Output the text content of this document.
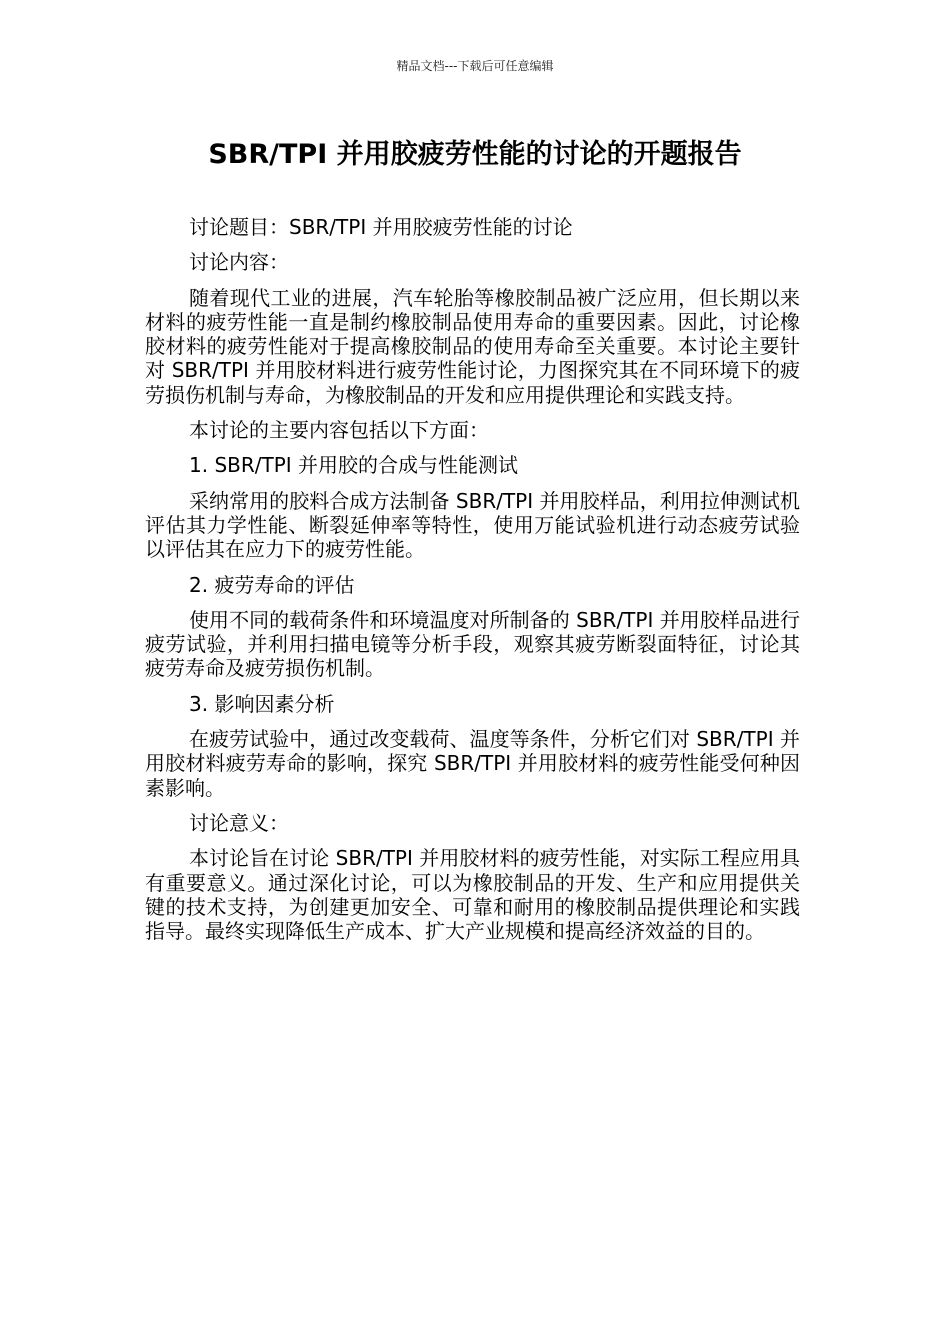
精品文档---下载后可任意编辑
SBR/TPI 并用胶疲劳性能的讨论的开题报告

讨论题目：SBR/TPI 并用胶疲劳性能的讨论

讨论内容：

随着现代工业的进展，汽车轮胎等橡胶制品被广泛应用，但长期以来材料的疲劳性能一直是制约橡胶制品使用寿命的重要因素。因此，讨论橡胶材料的疲劳性能对于提高橡胶制品的使用寿命至关重要。本讨论主要针对 SBR/TPI 并用胶材料进行疲劳性能讨论，力图探究其在不同环境下的疲劳损伤机制与寿命，为橡胶制品的开发和应用提供理论和实践支持。

本讨论的主要内容包括以下方面：

1. SBR/TPI 并用胶的合成与性能测试

采纳常用的胶料合成方法制备 SBR/TPI 并用胶样品，利用拉伸测试机评估其力学性能、断裂延伸率等特性，使用万能试验机进行动态疲劳试验以评估其在应力下的疲劳性能。

2. 疲劳寿命的评估

使用不同的载荷条件和环境温度对所制备的 SBR/TPI 并用胶样品进行疲劳试验，并利用扫描电镜等分析手段，观察其疲劳断裂面特征，讨论其疲劳寿命及疲劳损伤机制。

3. 影响因素分析

在疲劳试验中，通过改变载荷、温度等条件，分析它们对 SBR/TPI 并用胶材料疲劳寿命的影响，探究 SBR/TPI 并用胶材料的疲劳性能受何种因素影响。

讨论意义：

本讨论旨在讨论 SBR/TPI 并用胶材料的疲劳性能，对实际工程应用具有重要意义。通过深化讨论，可以为橡胶制品的开发、生产和应用提供关键的技术支持，为创建更加安全、可靠和耐用的橡胶制品提供理论和实践指导。最终实现降低生产成本、扩大产业规模和提高经济效益的目的。
